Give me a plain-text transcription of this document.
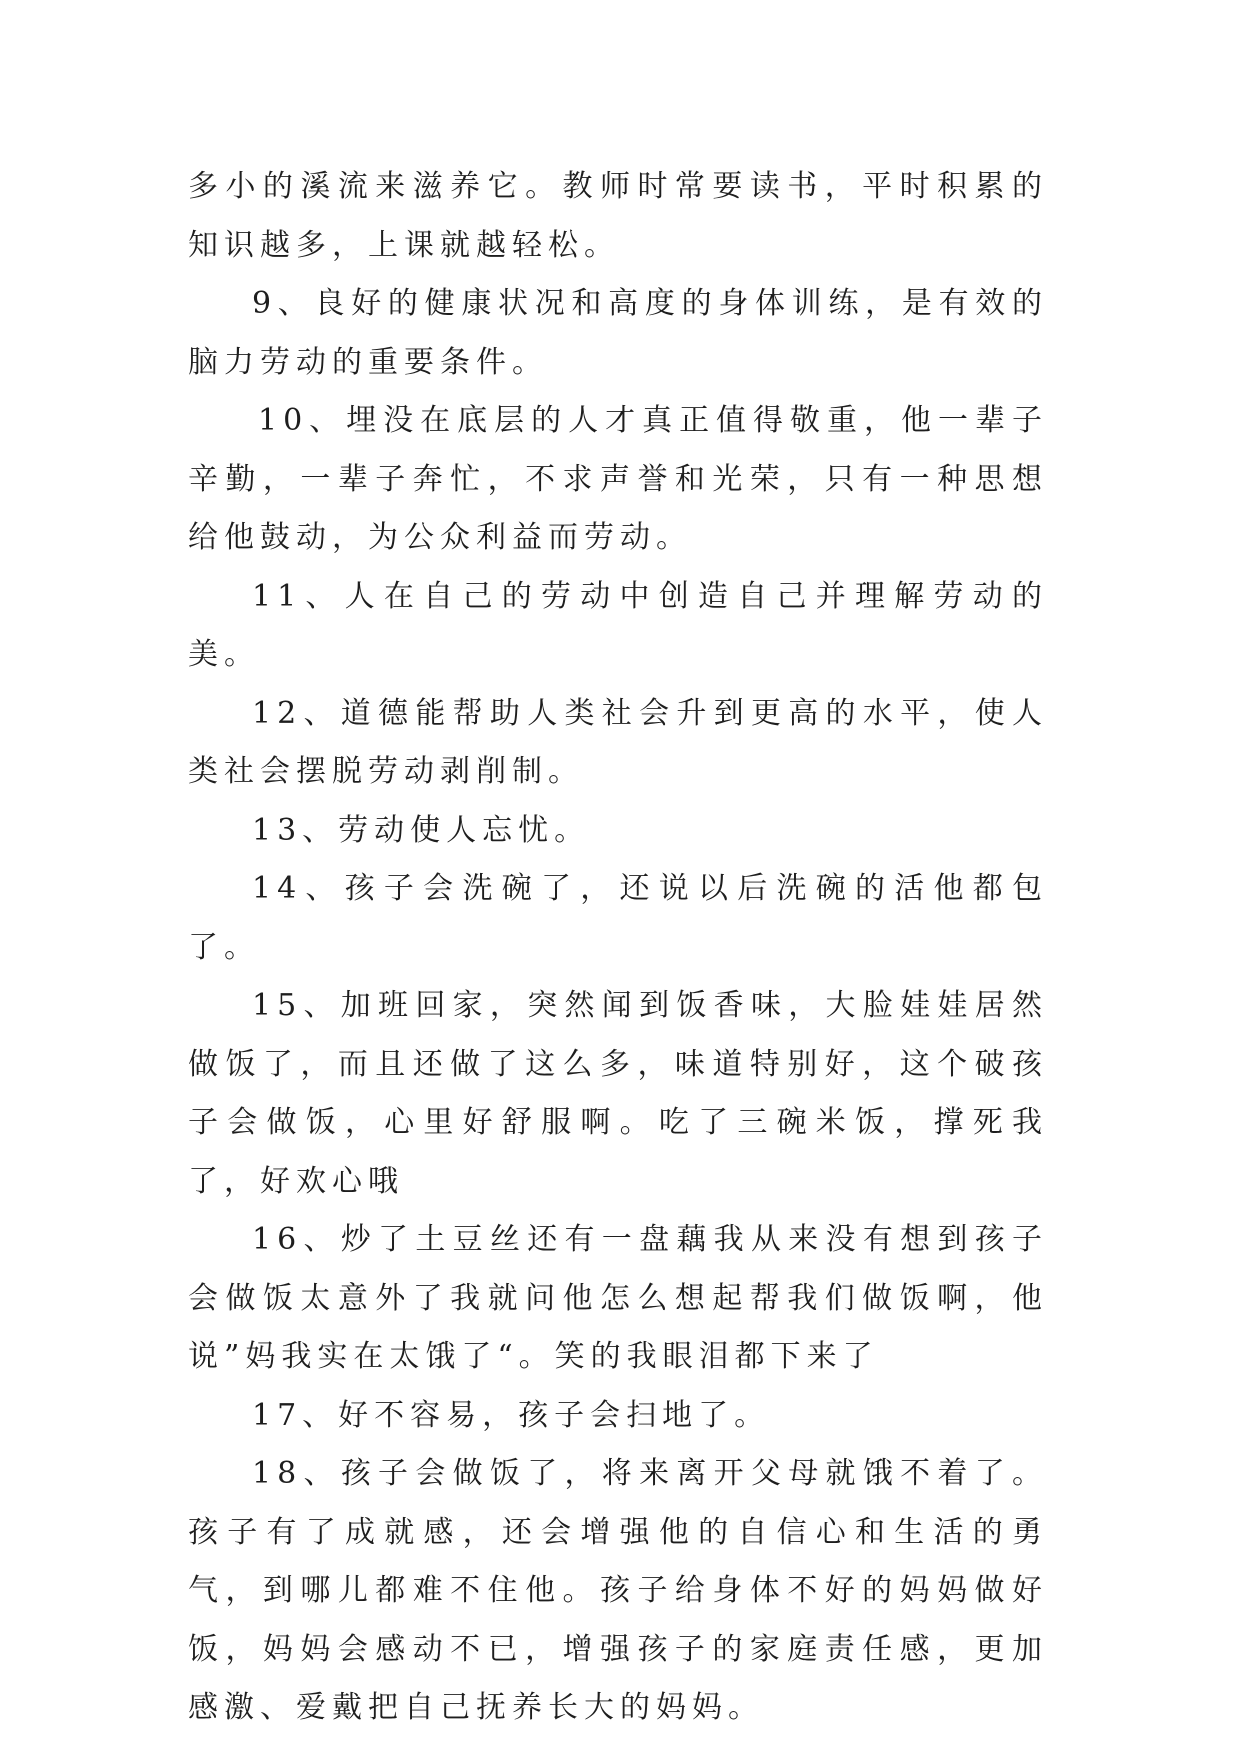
多小的溪流来滋养它。教师时常要读书，平时积累的知识越多，上课就越轻松。

9、良好的健康状况和高度的身体训练，是有效的脑力劳动的重要条件。

10、埋没在底层的人才真正值得敬重，他一辈子辛勤，一辈子奔忙，不求声誉和光荣，只有一种思想给他鼓动，为公众利益而劳动。

11、人在自己的劳动中创造自己并理解劳动的美。

12、道德能帮助人类社会升到更高的水平，使人类社会摆脱劳动剥削制。

13、劳动使人忘忧。

14、孩子会洗碗了，还说以后洗碗的活他都包了。

15、加班回家，突然闻到饭香味，大脸娃娃居然做饭了，而且还做了这么多，味道特别好，这个破孩子会做饭，心里好舒服啊。吃了三碗米饭，撑死我了，好欢心哦

16、炒了土豆丝还有一盘藕我从来没有想到孩子会做饭太意外了我就问他怎么想起帮我们做饭啊，他说”妈我实在太饿了“。笑的我眼泪都下来了

17、好不容易，孩子会扫地了。

18、孩子会做饭了，将来离开父母就饿不着了。孩子有了成就感，还会增强他的自信心和生活的勇气，到哪儿都难不住他。孩子给身体不好的妈妈做好饭，妈妈会感动不已，增强孩子的家庭责任感，更加感激、爱戴把自己抚养长大的妈妈。
